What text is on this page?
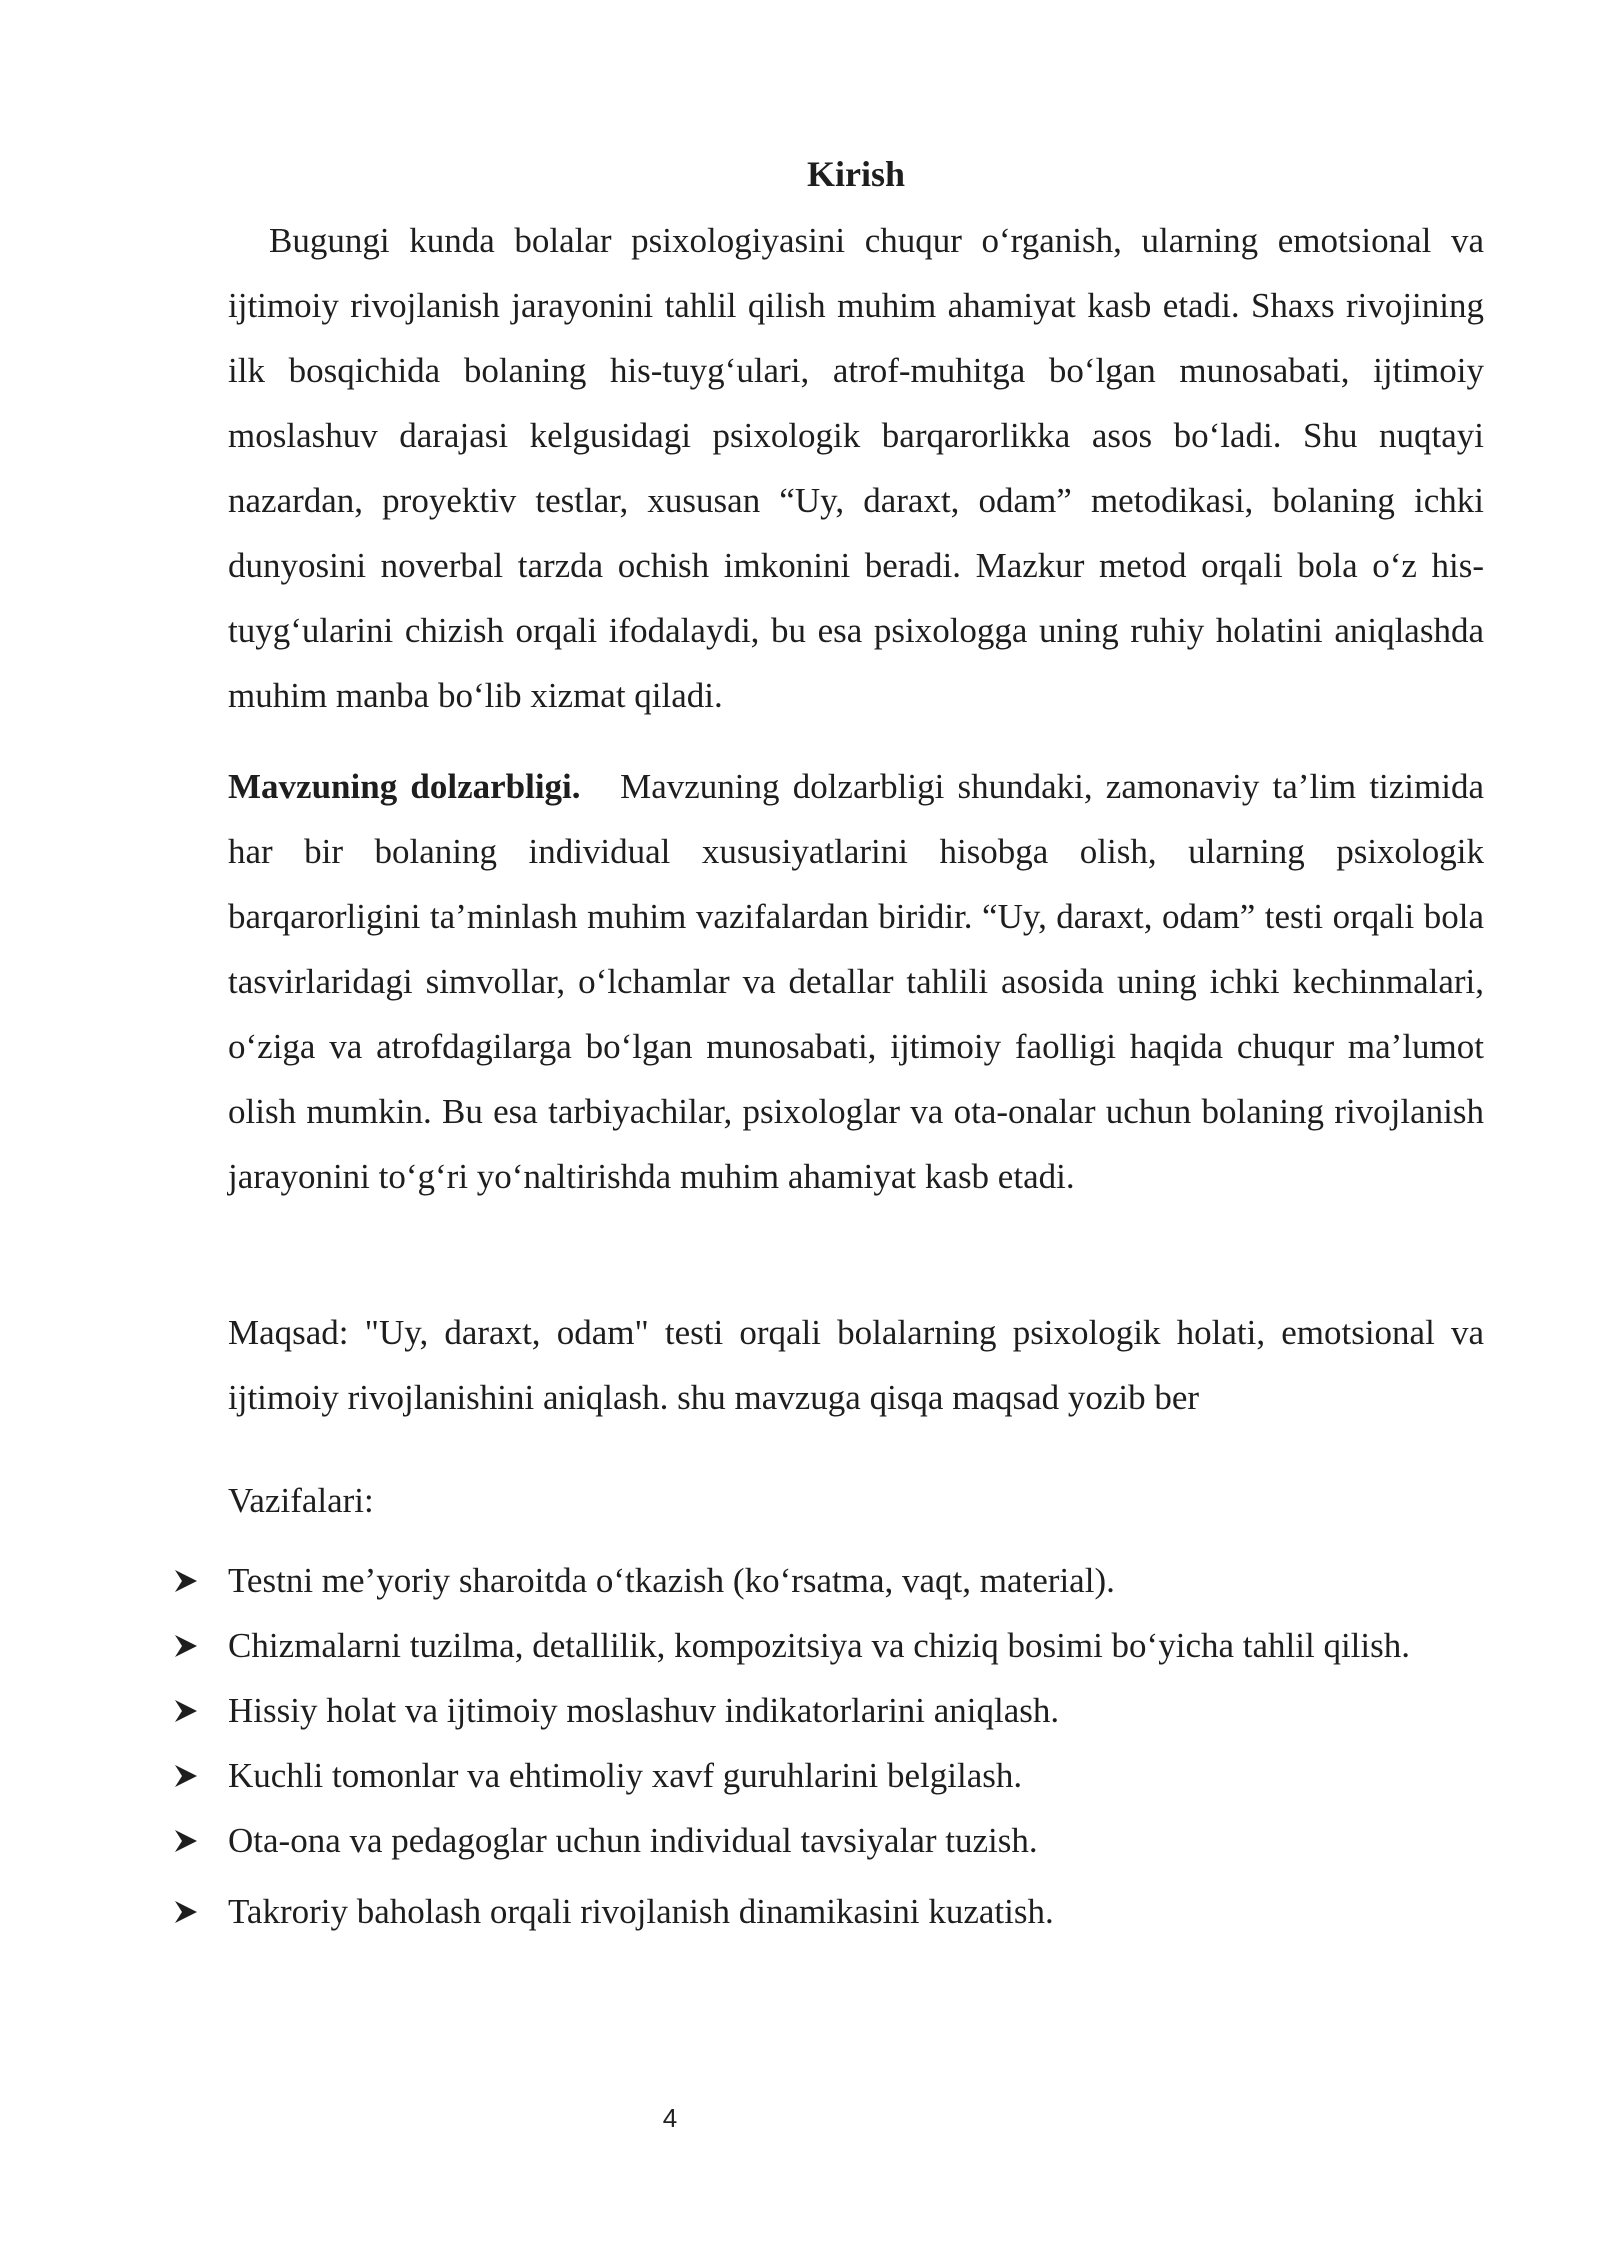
Kirish

Bugungi kunda bolalar psixologiyasini chuqur o‘rganish, ularning emotsional va ijtimoiy rivojlanish jarayonini tahlil qilish muhim ahamiyat kasb etadi. Shaxs rivojining ilk bosqichida bolaning his-tuyg‘ulari, atrof-muhitga bo‘lgan munosabati, ijtimoiy moslashuv darajasi kelgusidagi psixologik barqarorlikka asos bo‘ladi. Shu nuqtayi nazardan, proyektiv testlar, xususan “Uy, daraxt, odam” metodikasi, bolaning ichki dunyosini noverbal tarzda ochish imkonini beradi. Mazkur metod orqali bola o‘z his-tuyg‘ularini chizish orqali ifodalaydi, bu esa psixologga uning ruhiy holatini aniqlashda muhim manba bo‘lib xizmat qiladi.

Mavzuning dolzarbligi. Mavzuning dolzarbligi shundaki, zamonaviy ta’lim tizimida har bir bolaning individual xususiyatlarini hisobga olish, ularning psixologik barqarorligini ta’minlash muhim vazifalardan biridir. “Uy, daraxt, odam” testi orqali bola tasvirlaridagi simvollar, o‘lchamlar va detallar tahlili asosida uning ichki kechinmalari, o‘ziga va atrofdagilarga bo‘lgan munosabati, ijtimoiy faolligi haqida chuqur ma’lumot olish mumkin. Bu esa tarbiyachilar, psixologlar va ota-onalar uchun bolaning rivojlanish jarayonini to‘g‘ri yo‘naltirishda muhim ahamiyat kasb etadi.

Maqsad: "Uy, daraxt, odam" testi orqali bolalarning psixologik holati, emotsional va ijtimoiy rivojlanishini aniqlash. shu mavzuga qisqa maqsad yozib ber

Vazifalari:

Testni me’yoriy sharoitda o‘tkazish (ko‘rsatma, vaqt, material).
Chizmalarni tuzilma, detallilik, kompozitsiya va chiziq bosimi bo‘yicha tahlil qilish.
Hissiy holat va ijtimoiy moslashuv indikatorlarini aniqlash.
Kuchli tomonlar va ehtimoliy xavf guruhlarini belgilash.
Ota-ona va pedagoglar uchun individual tavsiyalar tuzish.
Takroriy baholash orqali rivojlanish dinamikasini kuzatish.

4
